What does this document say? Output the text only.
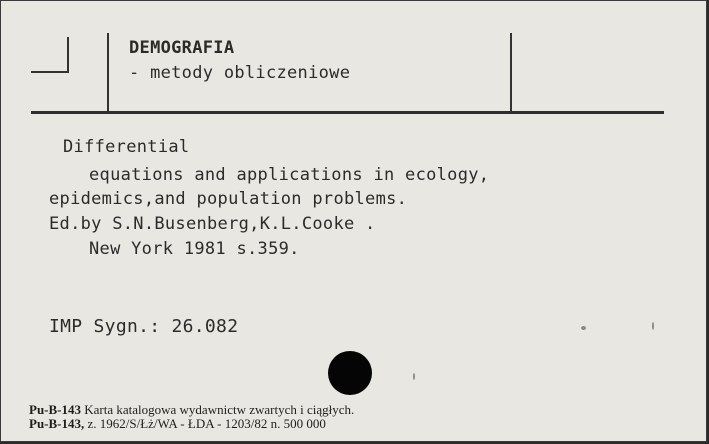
DEMOGRAFIA
- metody obliczeniowe
Differential
equations and applications in ecology,
epidemics,and population problems.
Ed.by S.N.Busenberg,K.L.Cooke .
New York 1981 s.359.
IMP Sygn.: 26.082
Pu-B-143 Karta katalogowa wydawnictw zwartych i ciągłych.
Pu-B-143, z. 1962/S/Łż/WA - ŁDA - 1203/82 n. 500 000
